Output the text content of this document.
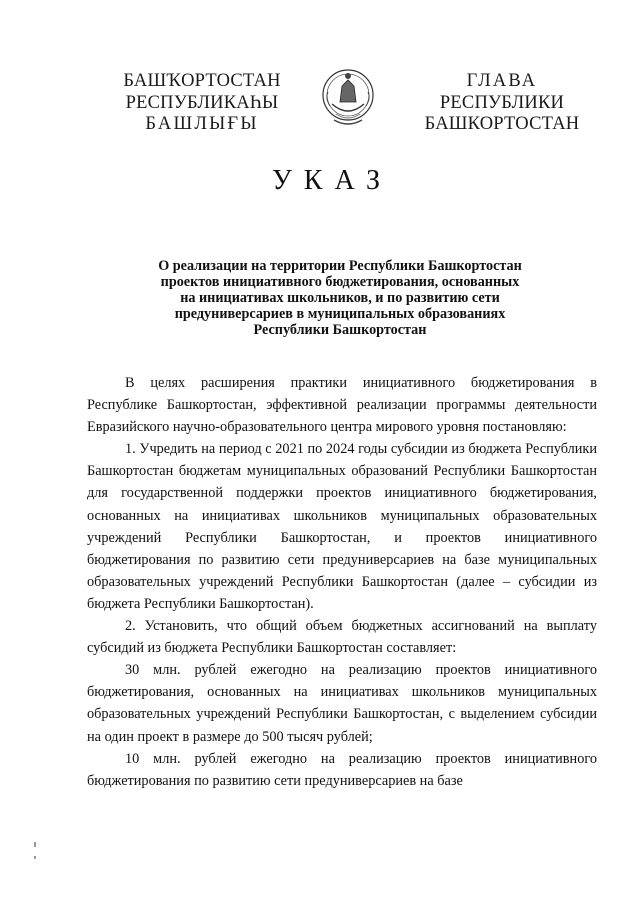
БАШҠОРТОСТАН
РЕСПУБЛИКАҺЫ
БАШЛЫҒЫ
ГЛАВА
РЕСПУБЛИКИ
БАШКОРТОСТАН
УКАЗ
О реализации на территории Республики Башкортостан
проектов инициативного бюджетирования, основанных
на инициативах школьников, и по развитию сети
предуниверсариев в муниципальных образованиях
Республики Башкортостан

В целях расширения практики инициативного бюджетирования в Республике Башкортостан, эффективной реализации программы деятельности Евразийского научно-образовательного центра мирового уровня постановляю:

1. Учредить на период с 2021 по 2024 годы субсидии из бюджета Республики Башкортостан бюджетам муниципальных образований Республики Башкортостан для государственной поддержки проектов инициативного бюджетирования, основанных на инициативах школьников муниципальных образовательных учреждений Республики Башкортостан, и проектов инициативного бюджетирования по развитию сети предуниверсариев на базе муниципальных образовательных учреждений Республики Башкортостан (далее – субсидии из бюджета Республики Башкортостан).

2. Установить, что общий объем бюджетных ассигнований на выплату субсидий из бюджета Республики Башкортостан составляет:

30 млн. рублей ежегодно на реализацию проектов инициативного бюджетирования, основанных на инициативах школьников муниципальных образовательных учреждений Республики Башкортостан, с выделением субсидии на один проект в размере до 500 тысяч рублей;

10 млн. рублей ежегодно на реализацию проектов инициативного бюджетирования по развитию сети предуниверсариев на базе
